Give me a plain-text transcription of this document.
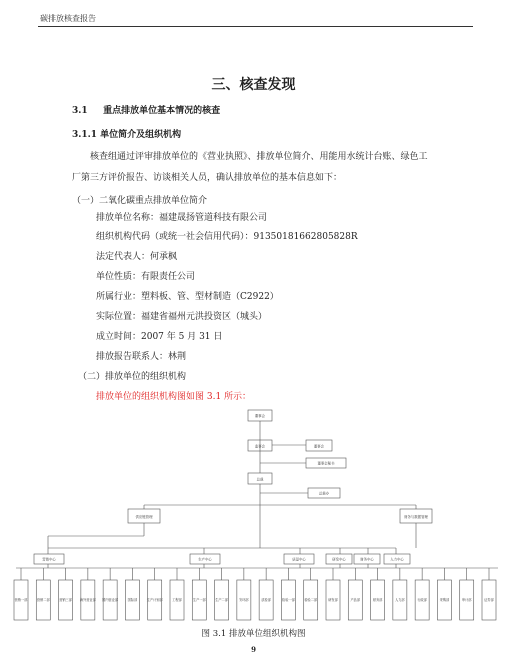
碳排放核查报告
三、核查发现
3.1 重点排放单位基本情况的核查
3.1.1 单位简介及组织机构
核查组通过评审排放单位的《营业执照》、排放单位简介、用能用水统计台账、绿色工厂第三方评价报告、访谈相关人员，确认排放单位的基本信息如下：
（一）二氧化碳重点排放单位简介
排放单位名称：福建晟扬管道科技有限公司
组织机构代码（或统一社会信用代码）：91350181662805828R
法定代表人：何承枫
单位性质：有限责任公司
所属行业：塑料板、管、型材制造（C2922）
实际位置：福建省福州元洪投资区（城头）
成立时间：2007 年 5 月 31 日
排放报告联系人：林荆
（二）排放单位的组织机构
排放单位的组织机构图如图 3.1 所示：
董事会
监事会	董事会
董事会秘书
总裁
总裁办
供应链管理	财务与数据管理
营销中心	生产中心	质量中心	研发中心	财务中心	人力中心
营销一部	营销二部	营销三部 海外营业部 国内营业部	国际部	生产计划部	工程部	生产一部	生产二部	安环部	质检部	检验一部	检验二部	研发部	产品部	财务部	人力部	行政部	采购部	审计部	证券部
图 3.1 排放单位组织机构图
9
